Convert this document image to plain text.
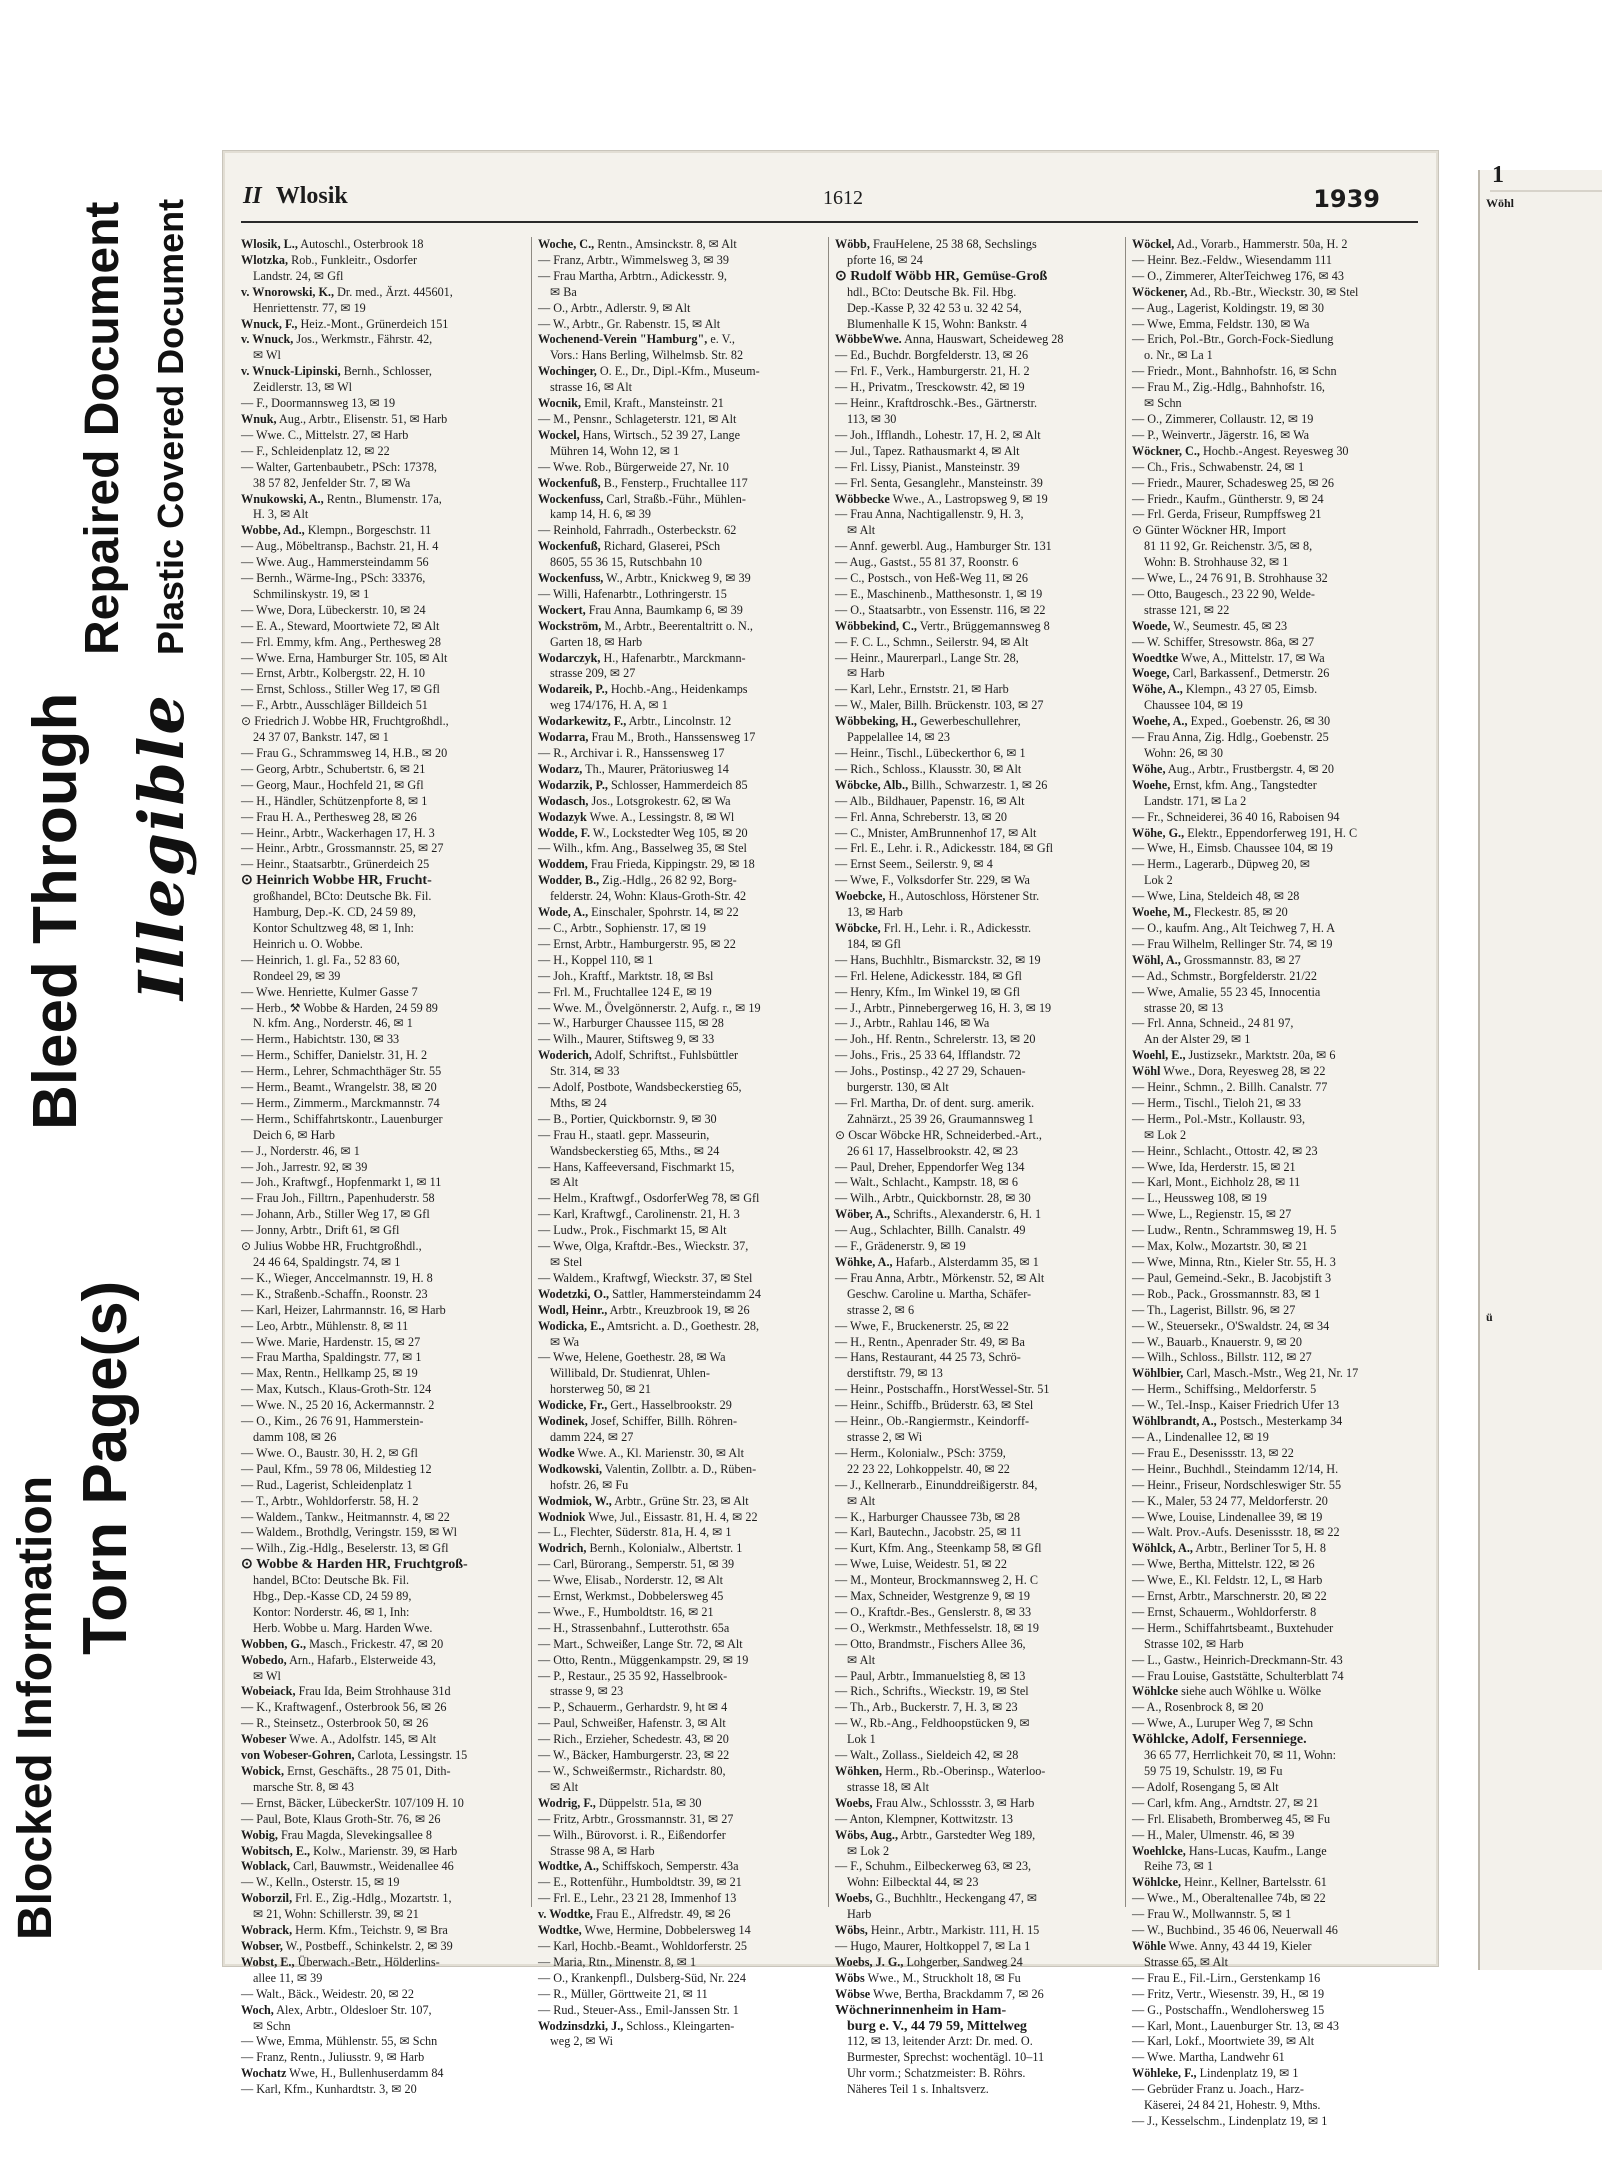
Blocked Information
Torn Page(s)
Bleed Through Illegible
Repaired Document Plastic Covered Document
II Wlosik	1612	1939
Wlosik, L., Autoschl., Osterbrook 18
Wlotzka, Rob., Funkleitr., Osdorfer
Landstr. 24, ✉ Gfl
v. Wnorowski, K., Dr. med., Ärzt. 445601,
Henriettenstr. 77, ✉ 19
Wnuck, F., Heiz.-Mont., Grünerdeich 151
v. Wnuck, Jos., Werkmstr., Fährstr. 42,
✉ Wl
v. Wnuck-Lipinski, Bernh., Schlosser,
Zeidlerstr. 13, ✉ Wl
— F., Doormannsweg 13, ✉ 19
Wnuk, Aug., Arbtr., Elisenstr. 51, ✉ Harb
— Wwe. C., Mittelstr. 27, ✉ Harb
— F., Schleidenplatz 12, ✉ 22
— Walter, Gartenbaubetr., PSch: 17378,
38 57 82, Jenfelder Str. 7, ✉ Wa
Wnukowski, A., Rentn., Blumenstr. 17a,
H. 3, ✉ Alt
Wobbe, Ad., Klempn., Borgeschstr. 11
— Aug., Möbeltransp., Bachstr. 21, H. 4
— Wwe. Aug., Hammersteindamm 56
— Bernh., Wärme-Ing., PSch: 33376,
Schmilinskystr. 19, ✉ 1
— Wwe, Dora, Lübeckerstr. 10, ✉ 24
— E. A., Steward, Moortwiete 72, ✉ Alt
— Frl. Emmy, kfm. Ang., Perthesweg 28
— Wwe. Erna, Hamburger Str. 105, ✉ Alt
— Ernst, Arbtr., Kolbergstr. 22, H. 10
— Ernst, Schloss., Stiller Weg 17, ✉ Gfl
— F., Arbtr., Ausschläger Billdeich 51
⊙ Friedrich J. Wobbe HR, Fruchtgroßhdl.,
24 37 07, Bankstr. 147, ✉ 1
— Frau G., Schrammsweg 14, H.B., ✉ 20
— Georg, Arbtr., Schubertstr. 6, ✉ 21
— Georg, Maur., Hochfeld 21, ✉ Gfl
— H., Händler, Schützenpforte 8, ✉ 1
— Frau H. A., Perthesweg 28, ✉ 26
— Heinr., Arbtr., Wackerhagen 17, H. 3
— Heinr., Arbtr., Grossmannstr. 25, ✉ 27
— Heinr., Staatsarbtr., Grünerdeich 25
⊙ Heinrich Wobbe HR, Frucht-
großhandel, BCto: Deutsche Bk. Fil.
Hamburg, Dep.-K. CD, 24 59 89,
Kontor Schultzweg 48, ✉ 1, Inh:
Heinrich u. O. Wobbe.
— Heinrich, 1. gl. Fa., 52 83 60,
Rondeel 29, ✉ 39
— Wwe. Henriette, Kulmer Gasse 7
— Herb., ⚒ Wobbe & Harden, 24 59 89
N. kfm. Ang., Norderstr. 46, ✉ 1
— Herm., Habichtstr. 130, ✉ 33
— Herm., Schiffer, Danielstr. 31, H. 2
— Herm., Lehrer, Schmachthäger Str. 55
— Herm., Beamt., Wrangelstr. 38, ✉ 20
— Herm., Zimmerm., Marckmannstr. 74
— Herm., Schiffahrtskontr., Lauenburger
Deich 6, ✉ Harb
— J., Norderstr. 46, ✉ 1
— Joh., Jarrestr. 92, ✉ 39
— Joh., Kraftwgf., Hopfenmarkt 1, ✉ 11
— Frau Joh., Filltrn., Papenhuderstr. 58
— Johann, Arb., Stiller Weg 17, ✉ Gfl
— Jonny, Arbtr., Drift 61, ✉ Gfl
⊙ Julius Wobbe HR, Fruchtgroßhdl.,
24 46 64, Spaldingstr. 74, ✉ 1
— K., Wieger, Anccelmannstr. 19, H. 8
— K., Straßenb.-Schaffn., Roonstr. 23
— Karl, Heizer, Lahrmannstr. 16, ✉ Harb
— Leo, Arbtr., Mühlenstr. 8, ✉ 11
— Wwe. Marie, Hardenstr. 15, ✉ 27
— Frau Martha, Spaldingstr. 77, ✉ 1
— Max, Rentn., Hellkamp 25, ✉ 19
— Max, Kutsch., Klaus-Groth-Str. 124
— Wwe. N., 25 20 16, Ackermannstr. 2
— O., Kim., 26 76 91, Hammerstein-
damm 108, ✉ 26
— Wwe. O., Baustr. 30, H. 2, ✉ Gfl
— Paul, Kfm., 59 78 06, Mildestieg 12
— Rud., Lagerist, Schleidenplatz 1
— T., Arbtr., Wohldorferstr. 58, H. 2
— Waldem., Tankw., Heitmannstr. 4, ✉ 22
— Waldem., Brothdlg, Veringstr. 159, ✉ Wl
— Wilh., Zig.-Hdlg., Beselerstr. 13, ✉ Gfl
⊙ Wobbe & Harden HR, Fruchtgroß-
handel, BCto: Deutsche Bk. Fil.
Hbg., Dep.-Kasse CD, 24 59 89,
Kontor: Norderstr. 46, ✉ 1, Inh:
Herb. Wobbe u. Marg. Harden Wwe.
Wobben, G., Masch., Frickestr. 47, ✉ 20
Wobedo, Arn., Hafarb., Elsterweide 43,
✉ Wl
Wobeiack, Frau Ida, Beim Strohhause 31d
— K., Kraftwagenf., Osterbrook 56, ✉ 26
— R., Steinsetz., Osterbrook 50, ✉ 26
Wobeser Wwe. A., Adolfstr. 145, ✉ Alt
von Wobeser-Gohren, Carlota, Lessingstr. 15
Wobick, Ernst, Geschäfts., 28 75 01, Dith-
marsche Str. 8, ✉ 43
— Ernst, Bäcker, LübeckerStr. 107/109 H. 10
— Paul, Bote, Klaus Groth-Str. 76, ✉ 26
Wobig, Frau Magda, Slevekingsallee 8
Wobitsch, E., Kolw., Marienstr. 39, ✉ Harb
Woblack, Carl, Bauwmstr., Weidenallee 46
— W., Kelln., Osterstr. 15, ✉ 19
Woborzil, Frl. E., Zig.-Hdlg., Mozartstr. 1,
✉ 21, Wohn: Schillerstr. 39, ✉ 21
Wobrack, Herm. Kfm., Teichstr. 9, ✉ Bra
Wobser, W., Postbeff., Schinkelstr. 2, ✉ 39
Wobst, E., Überwach.-Betr., Hölderlins-
allee 11, ✉ 39
— Walt., Bäck., Weidestr. 20, ✉ 22
Woch, Alex, Arbtr., Oldesloer Str. 107,
✉ Schn
— Wwe, Emma, Mühlenstr. 55, ✉ Schn
— Franz, Rentn., Juliusstr. 9, ✉ Harb
Wochatz Wwe, H., Bullenhuserdamm 84
— Karl, Kfm., Kunhardtstr. 3, ✉ 20
Woche, C., Rentn., Amsinckstr. 8, ✉ Alt
— Franz, Arbtr., Wimmelsweg 3, ✉ 39
— Frau Martha, Arbtrn., Adickesstr. 9,
✉ Ba
— O., Arbtr., Adlerstr. 9, ✉ Alt
— W., Arbtr., Gr. Rabenstr. 15, ✉ Alt
Wochenend-Verein "Hamburg", e. V.,
Vors.: Hans Berling, Wilhelmsb. Str. 82
Wochinger, O. E., Dr., Dipl.-Kfm., Museum-
strasse 16, ✉ Alt
Wocnik, Emil, Kraft., Mansteinstr. 21
— M., Pensnr., Schlageterstr. 121, ✉ Alt
Wockel, Hans, Wirtsch., 52 39 27, Lange
Mühren 14, Wohn 12, ✉ 1
— Wwe. Rob., Bürgerweide 27, Nr. 10
Wockenfuß, B., Fensterp., Fruchtallee 117
Wockenfuss, Carl, Straßb.-Führ., Mühlen-
kamp 14, H. 6, ✉ 39
— Reinhold, Fahrradh., Osterbeckstr. 62
Wockenfuß, Richard, Glaserei, PSch
8605, 55 36 15, Rutschbahn 10
Wockenfuss, W., Arbtr., Knickweg 9, ✉ 39
— Willi, Hafenarbtr., Lothringerstr. 15
Wockert, Frau Anna, Baumkamp 6, ✉ 39
Wockström, M., Arbtr., Beerentaltritt o. N.,
Garten 18, ✉ Harb
Wodarczyk, H., Hafenarbtr., Marckmann-
strasse 209, ✉ 27
Wodareik, P., Hochb.-Ang., Heidenkamps
weg 174/176, H. A, ✉ 1
Wodarkewitz, F., Arbtr., Lincolnstr. 12
Wodarra, Frau M., Broth., Hanssensweg 17
— R., Archivar i. R., Hanssensweg 17
Wodarz, Th., Maurer, Prätoriusweg 14
Wodarzik, P., Schlosser, Hammerdeich 85
Wodasch, Jos., Lotsgrokestr. 62, ✉ Wa
Wodazyk Wwe. A., Lessingstr. 8, ✉ Wl
Wodde, F. W., Lockstedter Weg 105, ✉ 20
— Wilh., kfm. Ang., Basselweg 35, ✉ Stel
Woddem, Frau Frieda, Kippingstr. 29, ✉ 18
Wodder, B., Zig.-Hdlg., 26 82 92, Borg-
felderstr. 24, Wohn: Klaus-Groth-Str. 42
Wode, A., Einschaler, Spohrstr. 14, ✉ 22
— C., Arbtr., Sophienstr. 17, ✉ 19
— Ernst, Arbtr., Hamburgerstr. 95, ✉ 22
— H., Koppel 110, ✉ 1
— Joh., Kraftf., Marktstr. 18, ✉ Bsl
— Frl. M., Fruchtallee 124 E, ✉ 19
— Wwe. M., Övelgönnerstr. 2, Aufg. r., ✉ 19
— W., Harburger Chaussee 115, ✉ 28
— Wilh., Maurer, Stiftsweg 9, ✉ 33
Woderich, Adolf, Schriftst., Fuhlsbüttler
Str. 314, ✉ 33
— Adolf, Postbote, Wandsbeckerstieg 65,
Mths, ✉ 24
— B., Portier, Quickbornstr. 9, ✉ 30
— Frau H., staatl. gepr. Masseurin,
Wandsbeckerstieg 65, Mths., ✉ 24
— Hans, Kaffeeversand, Fischmarkt 15,
✉ Alt
— Helm., Kraftwgf., OsdorferWeg 78, ✉ Gfl
— Karl, Kraftwgf., Carolinenstr. 21, H. 3
— Ludw., Prok., Fischmarkt 15, ✉ Alt
— Wwe, Olga, Kraftdr.-Bes., Wieckstr. 37,
✉ Stel
— Waldem., Kraftwgf, Wieckstr. 37, ✉ Stel
Wodetzki, O., Sattler, Hammersteindamm 24
Wodl, Heinr., Arbtr., Kreuzbrook 19, ✉ 26
Wodicka, E., Amtsricht. a. D., Goethestr. 28,
✉ Wa
— Wwe, Helene, Goethestr. 28, ✉ Wa
Willibald, Dr. Studienrat, Uhlen-
horsterweg 50, ✉ 21
Wodicke, Fr., Gert., Hasselbrookstr. 29
Wodinek, Josef, Schiffer, Billh. Röhren-
damm 224, ✉ 27
Wodke Wwe. A., Kl. Marienstr. 30, ✉ Alt
Wodkowski, Valentin, Zollbtr. a. D., Rüben-
hofstr. 26, ✉ Fu
Wodmiok, W., Arbtr., Grüne Str. 23, ✉ Alt
Wodniok Wwe, Jul., Eissastr. 81, H. 4, ✉ 22
— L., Flechter, Süderstr. 81a, H. 4, ✉ 1
Wodrich, Bernh., Kolonialw., Albertstr. 1
— Carl, Bürorang., Semperstr. 51, ✉ 39
— Wwe, Elisab., Norderstr. 12, ✉ Alt
— Ernst, Werkmst., Dobbelersweg 45
— Wwe., F., Humboldtstr. 16, ✉ 21
— H., Strassenbahnf., Lutterothstr. 65a
— Mart., Schweißer, Lange Str. 72, ✉ Alt
— Otto, Rentn., Müggenkampstr. 29, ✉ 19
— P., Restaur., 25 35 92, Hasselbrook-
strasse 9, ✉ 23
— P., Schauerm., Gerhardstr. 9, ht ✉ 4
— Paul, Schweißer, Hafenstr. 3, ✉ Alt
— Rich., Erzieher, Schedestr. 43, ✉ 20
— W., Bäcker, Hamburgerstr. 23, ✉ 22
— W., Schweißermstr., Richardstr. 80,
✉ Alt
Wodrig, F., Düppelstr. 51a, ✉ 30
— Fritz, Arbtr., Grossmannstr. 31, ✉ 27
— Wilh., Bürovorst. i. R., Eißendorfer
Strasse 98 A, ✉ Harb
Wodtke, A., Schiffskoch, Semperstr. 43a
— E., Rottenführ., Humboldtstr. 39, ✉ 21
— Frl. E., Lehr., 23 21 28, Immenhof 13
v. Wodtke, Frau E., Alfredstr. 49, ✉ 26
Wodtke, Wwe, Hermine, Dobbelersweg 14
— Karl, Hochb.-Beamt., Wohldorferstr. 25
— Maria, Rtn., Minenstr. 8, ✉ 1
— O., Krankenpfl., Dulsberg-Süd, Nr. 224
— R., Müller, Görttweite 21, ✉ 11
— Rud., Steuer-Ass., Emil-Janssen Str. 1
Wodzinsdzki, J., Schloss., Kleingarten-
weg 2, ✉ Wi
Wöbb, FrauHelene, 25 38 68, Sechslings
pforte 16, ✉ 24
⊙ Rudolf Wöbb HR, Gemüse-Groß
hdl., BCto: Deutsche Bk. Fil. Hbg.
Dep.-Kasse P, 32 42 53 u. 32 42 54,
Blumenhalle K 15, Wohn: Bankstr. 4
WöbbeWwe. Anna, Hauswart, Scheideweg 28
— Ed., Buchdr. Borgfelderstr. 13, ✉ 26
— Frl. F., Verk., Hamburgerstr. 21, H. 2
— H., Privatm., Tresckowstr. 42, ✉ 19
— Heinr., Kraftdroschk.-Bes., Gärtnerstr.
113, ✉ 30
— Joh., Ifflandh., Lohestr. 17, H. 2, ✉ Alt
— Jul., Tapez. Rathausmarkt 4, ✉ Alt
— Frl. Lissy, Pianist., Mansteinstr. 39
— Frl. Senta, Gesanglehr., Mansteinstr. 39
Wöbbecke Wwe., A., Lastropsweg 9, ✉ 19
— Frau Anna, Nachtigallenstr. 9, H. 3,
✉ Alt
— Annf. gewerbl. Aug., Hamburger Str. 131
— Aug., Gastst., 55 81 37, Roonstr. 6
— C., Postsch., von Heß-Weg 11, ✉ 26
— E., Maschinenb., Matthesonstr. 1, ✉ 19
— O., Staatsarbtr., von Essenstr. 116, ✉ 22
Wöbbekind, C., Vertr., Brüggemannsweg 8
— F. C. L., Schmn., Seilerstr. 94, ✉ Alt
— Heinr., Maurerparl., Lange Str. 28,
✉ Harb
— Karl, Lehr., Ernststr. 21, ✉ Harb
— W., Maler, Billh. Brückenstr. 103, ✉ 27
Wöbbeking, H., Gewerbeschullehrer,
Pappelallee 14, ✉ 23
— Heinr., Tischl., Lübeckerthor 6, ✉ 1
— Rich., Schloss., Klausstr. 30, ✉ Alt
Wöbcke, Alb., Billh., Schwarzestr. 1, ✉ 26
— Alb., Bildhauer, Papenstr. 16, ✉ Alt
— Frl. Anna, Schreberstr. 13, ✉ 20
— C., Mnister, AmBrunnenhof 17, ✉ Alt
— Frl. E., Lehr. i. R., Adickesstr. 184, ✉ Gfl
— Ernst Seem., Seilerstr. 9, ✉ 4
— Wwe, F., Volksdorfer Str. 229, ✉ Wa
Woebcke, H., Autoschloss, Hörstener Str.
13, ✉ Harb
Wöbcke, Frl. H., Lehr. i. R., Adickesstr.
184, ✉ Gfl
— Hans, Buchhltr., Bismarckstr. 32, ✉ 19
— Frl. Helene, Adickesstr. 184, ✉ Gfl
— Henry, Kfm., Im Winkel 19, ✉ Gfl
— J., Arbtr., Pinnebergerweg 16, H. 3, ✉ 19
— J., Arbtr., Rahlau 146, ✉ Wa
— Joh., Hf. Rentn., Schrelerstr. 13, ✉ 20
— Johs., Fris., 25 33 64, Ifflandstr. 72
— Johs., Postinsp., 42 27 29, Schauen-
burgerstr. 130, ✉ Alt
— Frl. Martha, Dr. of dent. surg. amerik.
Zahnärzt., 25 39 26, Graumannsweg 1
⊙ Oscar Wöbcke HR, Schneiderbed.-Art.,
26 61 17, Hasselbrookstr. 42, ✉ 23
— Paul, Dreher, Eppendorfer Weg 134
— Walt., Schlacht., Kampstr. 18, ✉ 6
— Wilh., Arbtr., Quickbornstr. 28, ✉ 30
Wöber, A., Schrifts., Alexanderstr. 6, H. 1
— Aug., Schlachter, Billh. Canalstr. 49
— F., Grädenerstr. 9, ✉ 19
Wöhke, A., Hafarb., Alsterdamm 35, ✉ 1
— Frau Anna, Arbtr., Mörkenstr. 52, ✉ Alt
Geschw. Caroline u. Martha, Schäfer-
strasse 2, ✉ 6
— Wwe, F., Bruckenerstr. 25, ✉ 22
— H., Rentn., Apenrader Str. 49, ✉ Ba
— Hans, Restaurant, 44 25 73, Schrö-
derstiftstr. 79, ✉ 13
— Heinr., Postschaffn., HorstWessel-Str. 51
— Heinr., Schiffb., Brüderstr. 63, ✉ Stel
— Heinr., Ob.-Rangiermstr., Keindorff-
strasse 2, ✉ Wi
— Herm., Kolonialw., PSch: 3759,
22 23 22, Lohkoppelstr. 40, ✉ 22
— J., Kellnerarb., Einunddreißigerstr. 84,
✉ Alt
— K., Harburger Chaussee 73b, ✉ 28
— Karl, Bautechn., Jacobstr. 25, ✉ 11
— Kurt, Kfm. Ang., Steenkamp 58, ✉ Gfl
— Wwe, Luise, Weidestr. 51, ✉ 22
— M., Monteur, Brockmannsweg 2, H. C
— Max, Schneider, Westgrenze 9, ✉ 19
— O., Kraftdr.-Bes., Genslerstr. 8, ✉ 33
— O., Werkmstr., Methfesselstr. 18, ✉ 19
— Otto, Brandmstr., Fischers Allee 36,
✉ Alt
— Paul, Arbtr., Immanuelstieg 8, ✉ 13
— Rich., Schrifts., Wieckstr. 19, ✉ Stel
— Th., Arb., Buckerstr. 7, H. 3, ✉ 23
— W., Rb.-Ang., Feldhoopstücken 9, ✉
Lok 1
— Walt., Zollass., Sieldeich 42, ✉ 28
Wöhken, Herm., Rb.-Oberinsp., Waterloo-
strasse 18, ✉ Alt
Woebs, Frau Alw., Schlossstr. 3, ✉ Harb
— Anton, Klempner, Kottwitzstr. 13
Wöbs, Aug., Arbtr., Garstedter Weg 189,
✉ Lok 2
— F., Schuhm., Eilbeckerweg 63, ✉ 23,
Wohn: Eilbecktal 44, ✉ 23
Woebs, G., Buchhltr., Heckengang 47, ✉
Harb
Wöbs, Heinr., Arbtr., Markistr. 111, H. 15
— Hugo, Maurer, Holtkoppel 7, ✉ La 1
Woebs, J. G., Lohgerber, Sandweg 24
Wöbs Wwe., M., Struckholt 18, ✉ Fu
Wöbse Wwe, Bertha, Brackdamm 7, ✉ 26
Wöchnerinnenheim in Ham-
burg e. V., 44 79 59, Mittelweg
112, ✉ 13, leitender Arzt: Dr. med. O.
Burmester, Sprechst: wochentägl. 10–11
Uhr vorm.; Schatzmeister: B. Röhrs.
Näheres Teil 1 s. Inhaltsverz.
Wöckel, Ad., Vorarb., Hammerstr. 50a, H. 2
— Heinr. Bez.-Feldw., Wiesendamm 111
— O., Zimmerer, AlterTeichweg 176, ✉ 43
Wöckener, Ad., Rb.-Btr., Wieckstr. 30, ✉ Stel
— Aug., Lagerist, Koldingstr. 19, ✉ 30
— Wwe, Emma, Feldstr. 130, ✉ Wa
— Erich, Pol.-Btr., Gorch-Fock-Siedlung
o. Nr., ✉ La 1
— Friedr., Mont., Bahnhofstr. 16, ✉ Schn
— Frau M., Zig.-Hdlg., Bahnhofstr. 16,
✉ Schn
— O., Zimmerer, Collaustr. 12, ✉ 19
— P., Weinvertr., Jägerstr. 16, ✉ Wa
Wöckner, C., Hochb.-Angest. Reyesweg 30
— Ch., Fris., Schwabenstr. 24, ✉ 1
— Friedr., Maurer, Schadesweg 25, ✉ 26
— Friedr., Kaufm., Güntherstr. 9, ✉ 24
— Frl. Gerda, Friseur, Rumpffsweg 21
⊙ Günter Wöckner HR, Import
81 11 92, Gr. Reichenstr. 3/5, ✉ 8,
Wohn: B. Strohhause 32, ✉ 1
— Wwe, L., 24 76 91, B. Strohhause 32
— Otto, Baugesch., 23 22 90, Welde-
strasse 121, ✉ 22
Woede, W., Seumestr. 45, ✉ 23
— W. Schiffer, Stresowstr. 86a, ✉ 27
Woedtke Wwe, A., Mittelstr. 17, ✉ Wa
Woege, Carl, Barkassenf., Detmerstr. 26
Wöhe, A., Klempn., 43 27 05, Eimsb.
Chaussee 104, ✉ 19
Woehe, A., Exped., Goebenstr. 26, ✉ 30
— Frau Anna, Zig. Hdlg., Goebenstr. 25
Wohn: 26, ✉ 30
Wöhe, Aug., Arbtr., Frustbergstr. 4, ✉ 20
Woehe, Ernst, kfm. Ang., Tangstedter
Landstr. 171, ✉ La 2
— Fr., Schneiderei, 36 40 16, Raboisen 94
Wöhe, G., Elektr., Eppendorferweg 191, H. C
— Wwe, H., Eimsb. Chaussee 104, ✉ 19
— Herm., Lagerarb., Düpweg 20, ✉
Lok 2
— Wwe, Lina, Steldeich 48, ✉ 28
Woehe, M., Fleckestr. 85, ✉ 20
— O., kaufm. Ang., Alt Teichweg 7, H. A
— Frau Wilhelm, Rellinger Str. 74, ✉ 19
Wöhl, A., Grossmannstr. 83, ✉ 27
— Ad., Schmstr., Borgfelderstr. 21/22
— Wwe, Amalie, 55 23 45, Innocentia
strasse 20, ✉ 13
— Frl. Anna, Schneid., 24 81 97,
An der Alster 29, ✉ 1
Woehl, E., Justizsekr., Marktstr. 20a, ✉ 6
Wöhl Wwe., Dora, Reyesweg 28, ✉ 22
— Heinr., Schmn., 2. Billh. Canalstr. 77
— Herm., Tischl., Tieloh 21, ✉ 33
— Herm., Pol.-Mstr., Kollaustr. 93,
✉ Lok 2
— Heinr., Schlacht., Ottostr. 42, ✉ 23
— Wwe, Ida, Herderstr. 15, ✉ 21
— Karl, Mont., Eichholz 28, ✉ 11
— L., Heussweg 108, ✉ 19
— Wwe, L., Regienstr. 15, ✉ 27
— Ludw., Rentn., Schrammsweg 19, H. 5
— Max, Kolw., Mozartstr. 30, ✉ 21
— Wwe, Minna, Rtn., Kieler Str. 55, H. 3
— Paul, Gemeind.-Sekr., B. Jacobjstift 3
— Rob., Pack., Grossmannstr. 83, ✉ 1
— Th., Lagerist, Billstr. 96, ✉ 27
— W., Steuersekr., O'Swaldstr. 24, ✉ 34
— W., Bauarb., Knauerstr. 9, ✉ 20
— Wilh., Schloss., Billstr. 112, ✉ 27
Wöhlbier, Carl, Masch.-Mstr., Weg 21, Nr. 17
— Herm., Schiffsing., Meldorferstr. 5
— W., Tel.-Insp., Kaiser Friedrich Ufer 13
Wöhlbrandt, A., Postsch., Mesterkamp 34
— A., Lindenallee 12, ✉ 19
— Frau E., Desenissstr. 13, ✉ 22
— Heinr., Buchhdl., Steindamm 12/14, H.
— Heinr., Friseur, Nordschleswiger Str. 55
— K., Maler, 53 24 77, Meldorferstr. 20
— Wwe, Louise, Lindenallee 39, ✉ 19
— Walt. Prov.-Aufs. Desenissstr. 18, ✉ 22
Wöhlck, A., Arbtr., Berliner Tor 5, H. 8
— Wwe, Bertha, Mittelstr. 122, ✉ 26
— Wwe, E., Kl. Feldstr. 12, L, ✉ Harb
— Ernst, Arbtr., Marschnerstr. 20, ✉ 22
— Ernst, Schauerm., Wohldorferstr. 8
— Herm., Schiffahrtsbeamt., Buxtehuder
Strasse 102, ✉ Harb
— L., Gastw., Heinrich-Dreckmann-Str. 43
— Frau Louise, Gaststätte, Schulterblatt 74
Wöhlcke siehe auch Wöhlke u. Wölke
— A., Rosenbrock 8, ✉ 20
— Wwe, A., Luruper Weg 7, ✉ Schn
Wöhlcke, Adolf, Fersenniege.
36 65 77, Herrlichkeit 70, ✉ 11, Wohn:
59 75 19, Schulstr. 19, ✉ Fu
— Adolf, Rosengang 5, ✉ Alt
— Carl, kfm. Ang., Arndtstr. 27, ✉ 21
— Frl. Elisabeth, Bromberweg 45, ✉ Fu
— H., Maler, Ulmenstr. 46, ✉ 39
Woehlcke, Hans-Lucas, Kaufm., Lange
Reihe 73, ✉ 1
Wöhlcke, Heinr., Kellner, Bartelsstr. 61
— Wwe., M., Oberaltenallee 74b, ✉ 22
— Frau W., Mollwannstr. 5, ✉ 1
— W., Buchbind., 35 46 06, Neuerwall 46
Wöhle Wwe. Anny, 43 44 19, Kieler
Strasse 65, ✉ Alt
— Frau E., Fil.-Lirn., Gerstenkamp 16
— Fritz, Vertr., Wiesenstr. 39, H., ✉ 19
— G., Postschaffn., Wendlohersweg 15
— Karl, Mont., Lauenburger Str. 13, ✉ 43
— Karl, Lokf., Moortwiete 39, ✉ Alt
— Wwe. Martha, Landwehr 61
Wöhleke, F., Lindenplatz 19, ✉ 1
— Gebrüder Franz u. Joach., Harz-
Käserei, 24 84 21, Hohestr. 9, Mths.
— J., Kesselschm., Lindenplatz 19, ✉ 1
1
Wöhl
ü
